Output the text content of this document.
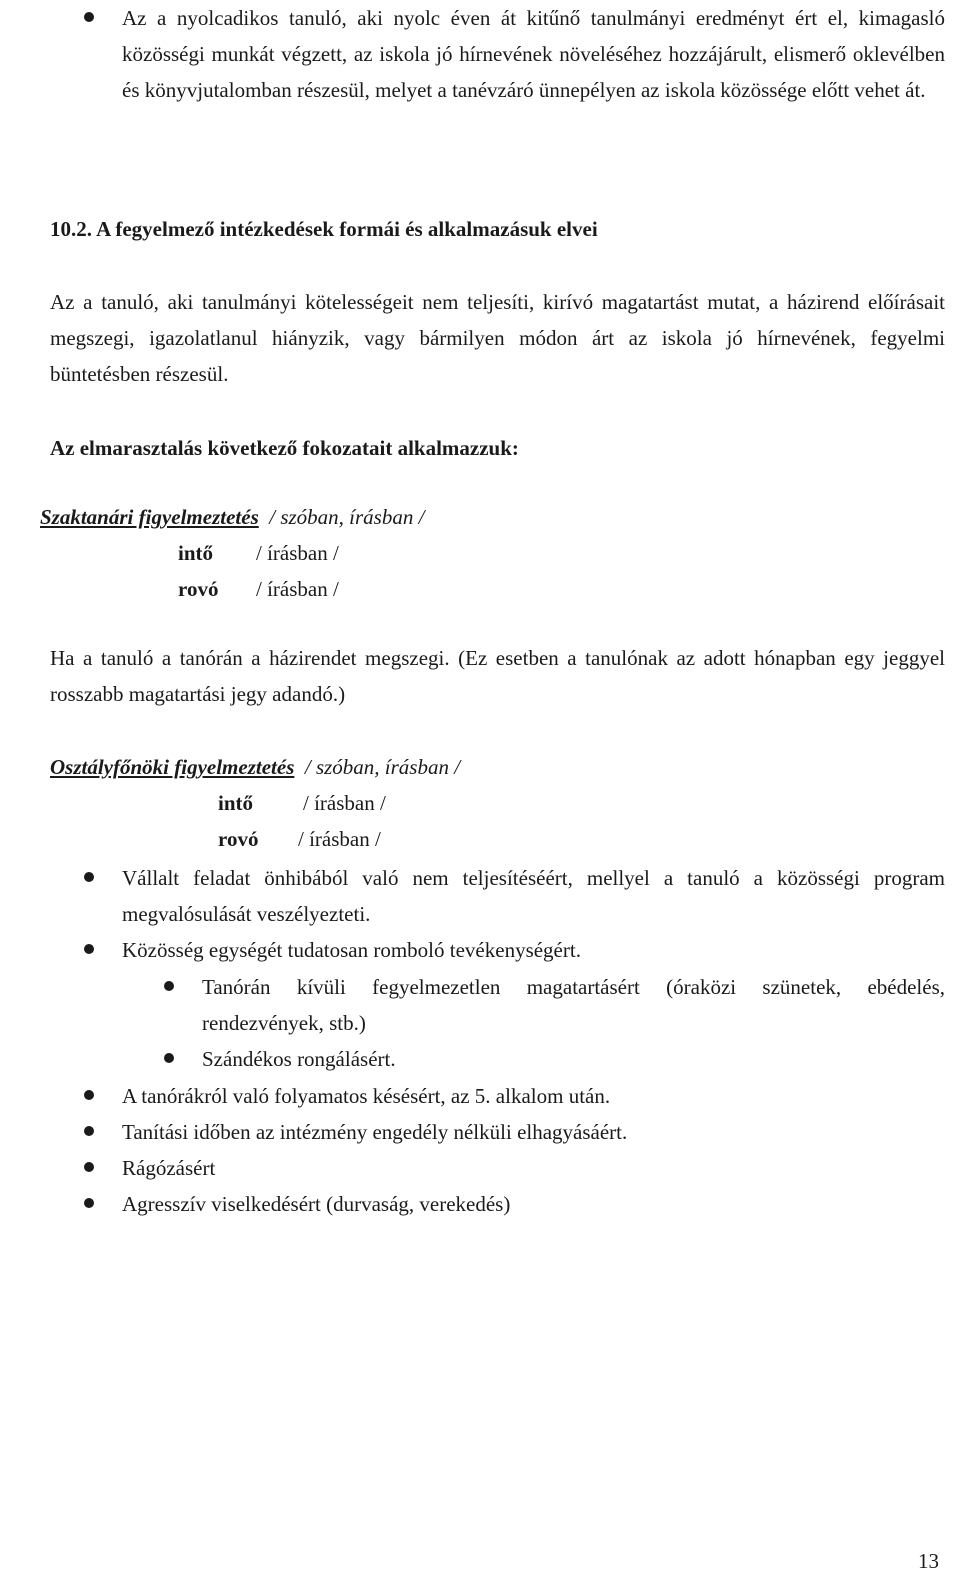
Az a nyolcadikos tanuló, aki nyolc éven át kitűnő tanulmányi eredményt ért el, kimagasló közösségi munkát végzett, az iskola jó hírnevének növeléséhez hozzájárult, elismerő oklevélben és könyvjutalomban részesül, melyet a tanévzáró ünnepélyen az iskola közössége előtt vehet át.
10.2. A fegyelmező intézkedések formái és alkalmazásuk elvei
Az a tanuló, aki tanulmányi kötelességeit nem teljesíti, kirívó magatartást mutat, a házirend előírásait megszegi, igazolatlanul hiányzik, vagy bármilyen módon árt az iskola jó hírnevének, fegyelmi büntetésben részesül.
Az elmarasztalás következő fokozatait alkalmazzuk:
Szaktanári figyelmeztetés / szóban, írásban /
intő / írásban /
rovó / írásban /
Ha a tanuló a tanórán a házirendet megszegi. (Ez esetben a tanulónak az adott hónapban egy jeggyel rosszabb magatartási jegy adandó.)
Osztályfőnöki figyelmeztetés / szóban, írásban /
intő / írásban /
rovó / írásban /
Vállalt feladat önhibából való nem teljesítéséért, mellyel a tanuló a közösségi program megvalósulását veszélyezteti.
Közösség egységét tudatosan romboló tevékenységért.
Tanórán kívüli fegyelmezetlen magatartásért (óraközi szünetek, ebédelés, rendezvények, stb.)
Szándékos rongálásért.
A tanórákról való folyamatos késésért, az 5. alkalom után.
Tanítási időben az intézmény engedély nélküli elhagyásáért.
Rágózásért
Agresszív viselkedésért (durvaság, verekedés)
13
